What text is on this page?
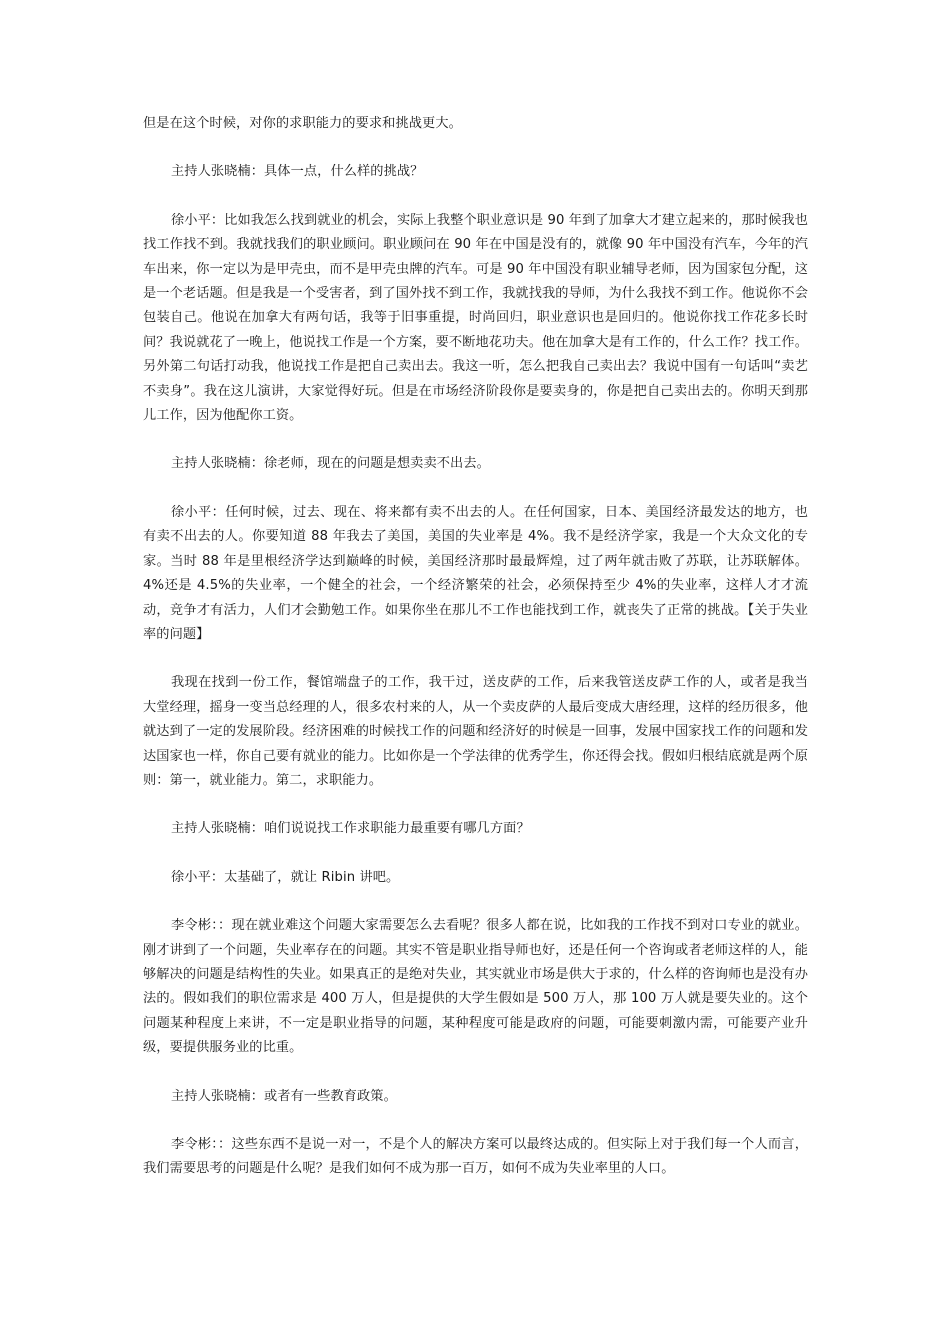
但是在这个时候，对你的求职能力的要求和挑战更大。

主持人张晓楠：具体一点，什么样的挑战？

徐小平：比如我怎么找到就业的机会，实际上我整个职业意识是 90 年到了加拿大才建立起来的，那时候我也找工作找不到。我就找我们的职业顾问。职业顾问在 90 年在中国是没有的，就像 90 年中国没有汽车，今年的汽车出来，你一定以为是甲壳虫，而不是甲壳虫牌的汽车。可是 90 年中国没有职业辅导老师，因为国家包分配，这是一个老话题。但是我是一个受害者，到了国外找不到工作，我就找我的导师，为什么我找不到工作。他说你不会包装自己。他说在加拿大有两句话，我等于旧事重提，时尚回归，职业意识也是回归的。他说你找工作花多长时间？我说就花了一晚上，他说找工作是一个方案，要不断地花功夫。他在加拿大是有工作的，什么工作？找工作。另外第二句话打动我，他说找工作是把自己卖出去。我这一听，怎么把我自己卖出去？我说中国有一句话叫“卖艺不卖身”。我在这儿演讲，大家觉得好玩。但是在市场经济阶段你是要卖身的，你是把自己卖出去的。你明天到那儿工作，因为他配你工资。

主持人张晓楠：徐老师，现在的问题是想卖卖不出去。

徐小平：任何时候，过去、现在、将来都有卖不出去的人。在任何国家，日本、美国经济最发达的地方，也有卖不出去的人。你要知道 88 年我去了美国，美国的失业率是 4%。我不是经济学家，我是一个大众文化的专家。当时 88 年是里根经济学达到巅峰的时候，美国经济那时最最辉煌，过了两年就击败了苏联，让苏联解体。4%还是 4.5%的失业率，一个健全的社会，一个经济繁荣的社会，必须保持至少 4%的失业率，这样人才才流动，竞争才有活力，人们才会勤勉工作。如果你坐在那儿不工作也能找到工作，就丧失了正常的挑战。【关于失业率的问题】

我现在找到一份工作，餐馆端盘子的工作，我干过，送皮萨的工作，后来我管送皮萨工作的人，或者是我当大堂经理，摇身一变当总经理的人，很多农村来的人，从一个卖皮萨的人最后变成大唐经理，这样的经历很多，他就达到了一定的发展阶段。经济困难的时候找工作的问题和经济好的时候是一回事，发展中国家找工作的问题和发达国家也一样，你自己要有就业的能力。比如你是一个学法律的优秀学生，你还得会找。假如归根结底就是两个原则：第一，就业能力。第二，求职能力。

主持人张晓楠：咱们说说找工作求职能力最重要有哪几方面？

徐小平：太基础了，就让 Ribin 讲吧。

李令彬：：现在就业难这个问题大家需要怎么去看呢？很多人都在说，比如我的工作找不到对口专业的就业。刚才讲到了一个问题，失业率存在的问题。其实不管是职业指导师也好，还是任何一个咨询或者老师这样的人，能够解决的问题是结构性的失业。如果真正的是绝对失业，其实就业市场是供大于求的，什么样的咨询师也是没有办法的。假如我们的职位需求是 400 万人，但是提供的大学生假如是 500 万人，那 100 万人就是要失业的。这个问题某种程度上来讲，不一定是职业指导的问题，某种程度可能是政府的问题，可能要刺激内需，可能要产业升级，要提供服务业的比重。

主持人张晓楠：或者有一些教育政策。

李令彬：：这些东西不是说一对一，不是个人的解决方案可以最终达成的。但实际上对于我们每一个人而言，我们需要思考的问题是什么呢？是我们如何不成为那一百万，如何不成为失业率里的人口。
